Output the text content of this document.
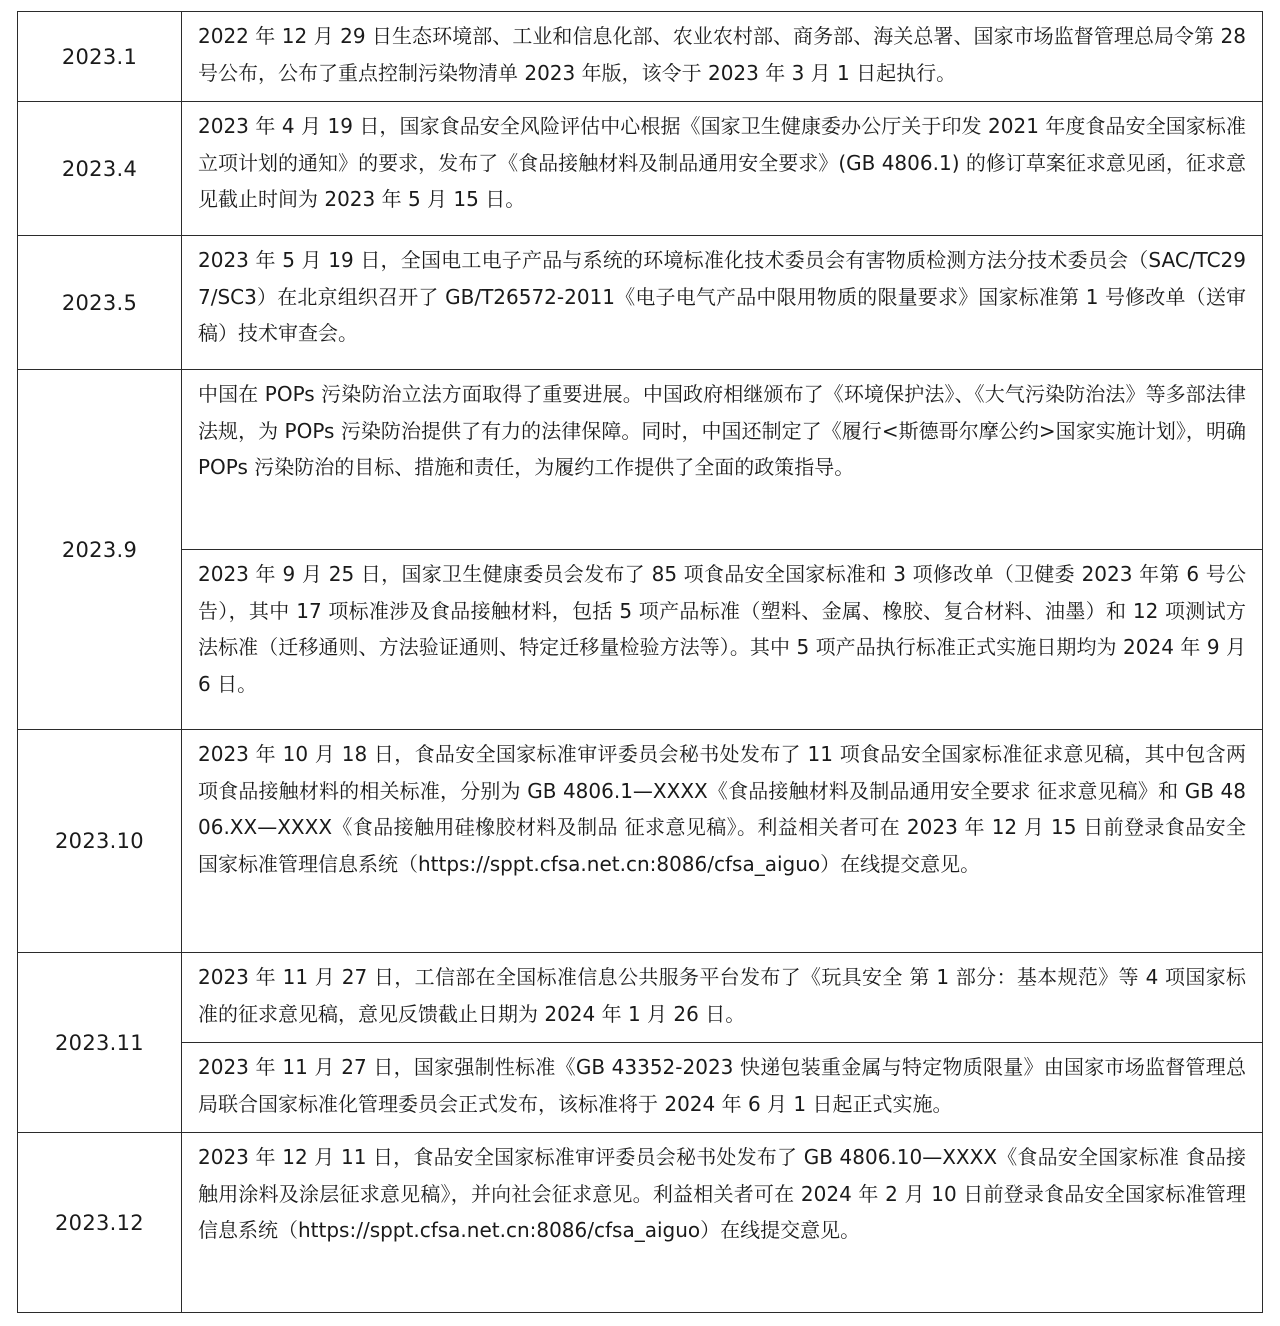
2023.1	2022 年 12 月 29 日生态环境部、工业和信息化部、农业农村部、商务部、海关总署、国家市场监督管理总局令第 28 号公布，公布了重点控制污染物清单 2023 年版，该令于 2023 年 3 月 1 日起执行。
2023.4	2023 年 4 月 19 日，国家食品安全风险评估中心根据《国家卫生健康委办公厅关于印发 2021 年度食品安全国家标准立项计划的通知》的要求，发布了《食品接触材料及制品通用安全要求》(GB 4806.1) 的修订草案征求意见函，征求意见截止时间为 2023 年 5 月 15 日。
2023.5	2023 年 5 月 19 日，全国电工电子产品与系统的环境标准化技术委员会有害物质检测方法分技术委员会（SAC/TC297/SC3）在北京组织召开了 GB/T26572-2011《电子电气产品中限用物质的限量要求》国家标准第 1 号修改单（送审稿）技术审查会。
2023.9	中国在 POPs 污染防治立法方面取得了重要进展。中国政府相继颁布了《环境保护法》、《大气污染防治法》等多部法律法规，为 POPs 污染防治提供了有力的法律保障。同时，中国还制定了《履行<斯德哥尔摩公约>国家实施计划》，明确 POPs 污染防治的目标、措施和责任，为履约工作提供了全面的政策指导。
	2023 年 9 月 25 日，国家卫生健康委员会发布了 85 项食品安全国家标准和 3 项修改单（卫健委 2023 年第 6 号公告），其中 17 项标准涉及食品接触材料，包括 5 项产品标准（塑料、金属、橡胶、复合材料、油墨）和 12 项测试方法标准（迁移通则、方法验证通则、特定迁移量检验方法等）。其中 5 项产品执行标准正式实施日期均为 2024 年 9 月 6 日。
2023.10	2023 年 10 月 18 日，食品安全国家标准审评委员会秘书处发布了 11 项食品安全国家标准征求意见稿，其中包含两项食品接触材料的相关标准，分别为 GB 4806.1—XXXX《食品接触材料及制品通用安全要求 征求意见稿》和 GB 4806.XX—XXXX《食品接触用硅橡胶材料及制品 征求意见稿》。利益相关者可在 2023 年 12 月 15 日前登录食品安全国家标准管理信息系统（https://sppt.cfsa.net.cn:8086/cfsa_aiguo）在线提交意见。
2023.11	2023 年 11 月 27 日，工信部在全国标准信息公共服务平台发布了《玩具安全 第 1 部分：基本规范》等 4 项国家标准的征求意见稿，意见反馈截止日期为 2024 年 1 月 26 日。
	2023 年 11 月 27 日，国家强制性标准《GB 43352-2023 快递包装重金属与特定物质限量》由国家市场监督管理总局联合国家标准化管理委员会正式发布，该标准将于 2024 年 6 月 1 日起正式实施。
2023.12	2023 年 12 月 11 日，食品安全国家标准审评委员会秘书处发布了 GB 4806.10—XXXX《食品安全国家标准 食品接触用涂料及涂层征求意见稿》，并向社会征求意见。利益相关者可在 2024 年 2 月 10 日前登录食品安全国家标准管理信息系统（https://sppt.cfsa.net.cn:8086/cfsa_aiguo）在线提交意见。
